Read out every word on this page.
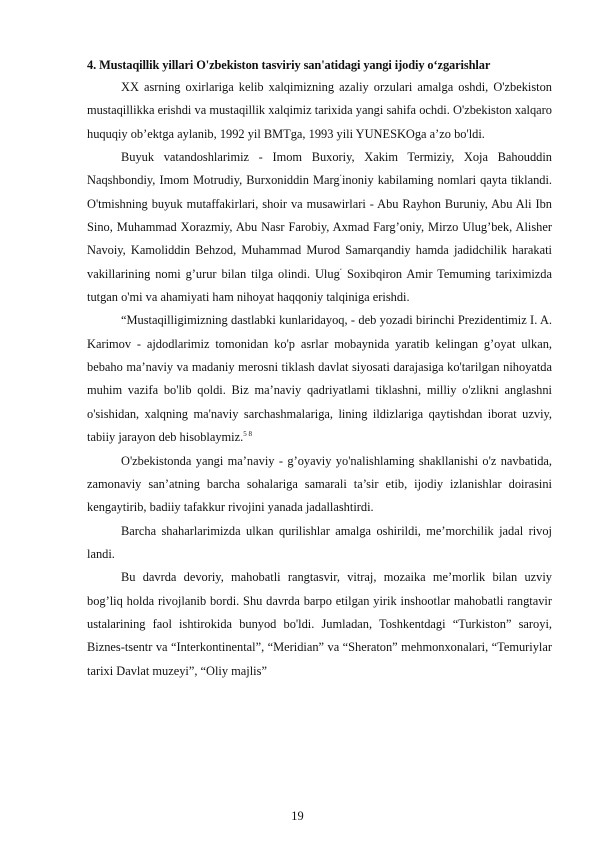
4. Mustaqillik yillari O'zbekiston tasviriy san'atidagi yangi ijodiy o‘zgarishlar

XX asrning oxirlariga kelib xalqimizning azaliy orzulari amalga oshdi, O'zbekiston mustaqillikka erishdi va mustaqillik xalqimiz tarixida yangi sahifa ochdi. O'zbekiston xalqaro huquqiy ob’ektga aylanib, 1992 yil BMTga, 1993 yili YUNESKOga a’zo bo'ldi.

Buyuk vatandoshlarimiz - Imom Buxoriy, Xakim Termiziy, Xoja Bahouddin Naqshbondiy, Imom Motrudiy, Burxoniddin Marg‘inoniy kabilaming nomlari qayta tiklandi. O'tmishning buyuk mutaffakirlari, shoir va musawirlari - Abu Rayhon Buruniy, Abu Ali Ibn Sino, Muhammad Xorazmiy, Abu Nasr Farobiy, Axmad Farg’oniy, Mirzo Ulug’bek, Alisher Navoiy, Kamoliddin Behzod, Muhammad Murod Samarqandiy hamda jadidchilik harakati vakillarining nomi g’urur bilan tilga olindi. Ulug‘ Soxibqiron Amir Temuming tariximizda tutgan o'mi va ahamiyati ham nihoyat haqqoniy talqiniga erishdi.

“Mustaqilligimizning dastlabki kunlaridayoq, - deb yozadi birinchi Prezidentimiz I. A. Karimov - ajdodlarimiz tomonidan ko'p asrlar mobaynida yaratib kelingan g’oyat ulkan, bebaho ma’naviy va madaniy merosni tiklash davlat siyosati darajasiga ko'tarilgan nihoyatda muhim vazifa bo'lib qoldi. Biz ma’naviy qadriyatlami tiklashni, milliy o'zlikni anglashni o'sishidan, xalqning ma'naviy sarchashmalariga, lining ildizlariga qaytishdan iborat uzviy, tabiiy jarayon deb hisoblaymiz.$^{5 8}$

O'zbekistonda yangi ma’naviy - g’oyaviy yo'nalishlaming shakllanishi o'z navbatida, zamonaviy san’atning barcha sohalariga samarali ta’sir etib, ijodiy izlanishlar doirasini kengaytirib, badiiy tafakkur rivojini yanada jadallashtirdi.

Barcha shaharlarimizda ulkan qurilishlar amalga oshirildi, me’morchilik jadal rivoj landi.

Bu davrda devoriy, mahobatli rangtasvir, vitraj, mozaika me’morlik bilan uzviy bog’liq holda rivojlanib bordi. Shu davrda barpo etilgan yirik inshootlar mahobatli rangtavir ustalarining faol ishtirokida bunyod bo'ldi. Jumladan, Toshkentdagi “Turkiston” saroyi, Biznes-tsentr va “Interkontinental”, “Meridian” va “Sheraton” mehmonxonalari, “Temuriylar tarixi Davlat muzeyi”, “Oliy majlis”

19
